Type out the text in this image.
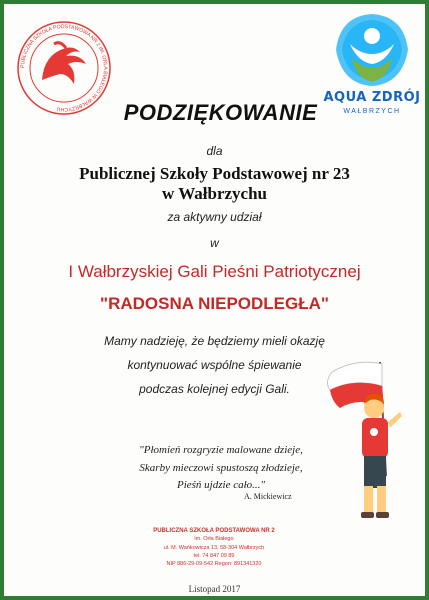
PUBLICZNA SZKOŁA PODSTAWOWA NR 2 IM. ORLA BIAŁEGO W WAŁBRZYCHU
AQUA ZDRÓJ
WAŁBRZYCH
PODZIĘKOWANIE
dla
Publicznej Szkoły Podstawowej nr 23
w Wałbrzychu
za aktywny udział
w
I Wałbrzyskiej Gali Pieśni Patriotycznej
"RADOSNA NIEPODLEGŁA"
Mamy nadzieję, że będziemy mieli okazję
kontynuować wspólne śpiewanie
podczas kolejnej edycji Gali.
"Płomień rozgryzie malowane dzieje,
Skarby mieczowi spustoszą złodzieje,
Pieśń ujdzie cało..."
A. Mickiewicz
PUBLICZNA SZKOŁA PODSTAWOWA NR 2
im. Orła Białego
ul. M. Wańkowicza 13, 58-304 Wałbrzych
tel. 74 847 09 89
NIP 886-29-09-542 Regon: 891341320
Listopad 2017
